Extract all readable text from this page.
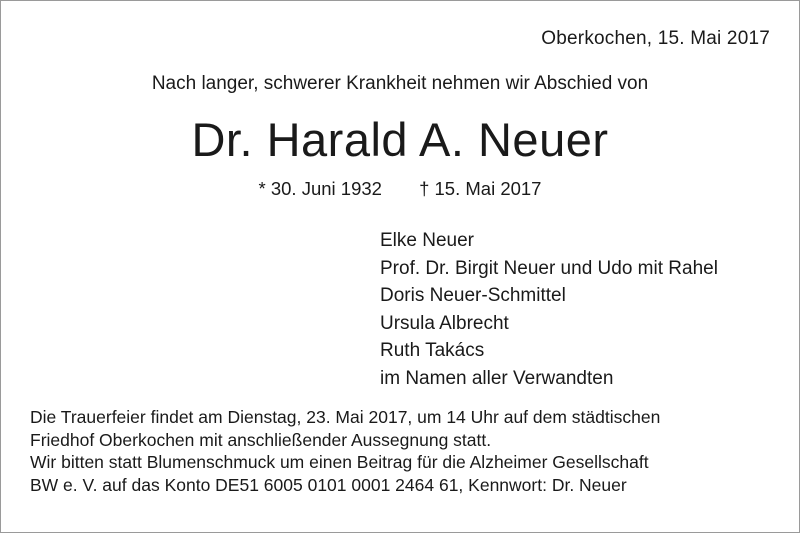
Oberkochen, 15. Mai 2017
Nach langer, schwerer Krankheit nehmen wir Abschied von
Dr. Harald A. Neuer
* 30. Juni 1932 † 15. Mai 2017
Elke Neuer
Prof. Dr. Birgit Neuer und Udo mit Rahel
Doris Neuer-Schmittel
Ursula Albrecht
Ruth Takács
im Namen aller Verwandten
Die Trauerfeier findet am Dienstag, 23. Mai 2017, um 14 Uhr auf dem städtischen
Friedhof Oberkochen mit anschließender Aussegnung statt.
Wir bitten statt Blumenschmuck um einen Beitrag für die Alzheimer Gesellschaft
BW e. V. auf das Konto DE51 6005 0101 0001 2464 61, Kennwort: Dr. Neuer
